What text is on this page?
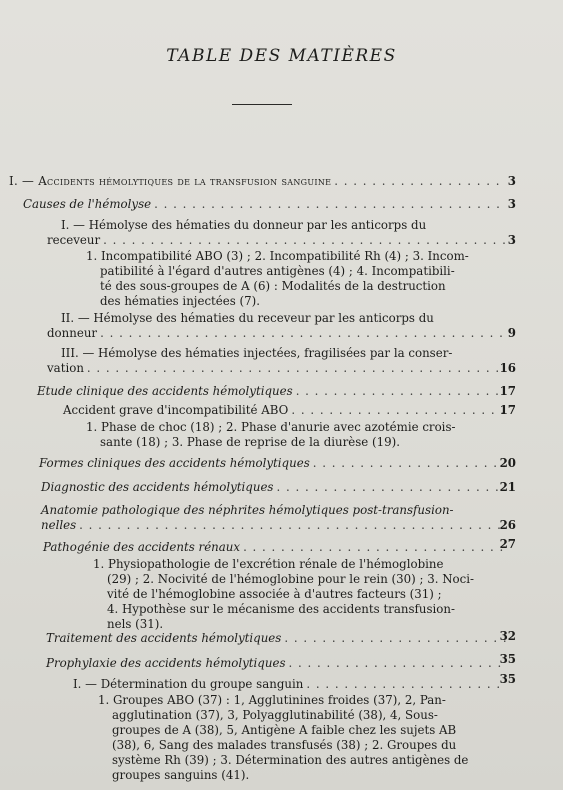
TABLE DES MATIÈRES
I. — Accidents hémolytiques de la transfusion sanguine . . .	3
Causes de l'hémolyse . . .	3
I. — Hémolyse des hématies du donneur par les anticorps du
receveur . . .	3
1. Incompatibilité ABO (3) ; 2. Incompatibilité Rh (4) ; 3. Incom-
patibilité à l'égard d'autres antigènes (4) ; 4. Incompatibili-
té des sous-groupes de A (6) : Modalités de la destruction
des hématies injectées (7).
II. — Hémolyse des hématies du receveur par les anticorps du
donneur . . .	9
III. — Hémolyse des hématies injectées, fragilisées par la conser-
vation . . .	16
Etude clinique des accidents hémolytiques . . .	17
Accident grave d'incompatibilité ABO . . .	17
1. Phase de choc (18) ; 2. Phase d'anurie avec azotémie crois-
sante (18) ; 3. Phase de reprise de la diurèse (19).
Formes cliniques des accidents hémolytiques . . .	20
Diagnostic des accidents hémolytiques . . .	21
Anatomie pathologique des néphrites hémolytiques post-transfusion-
nelles . . .	26
Pathogénie des accidents rénaux . . .	27
1. Physiopathologie de l'excrétion rénale de l'hémoglobine
(29) ; 2. Nocivité de l'hémoglobine pour le rein (30) ; 3. Noci-
vité de l'hémoglobine associée à d'autres facteurs (31) ;
4. Hypothèse sur le mécanisme des accidents transfusion-
nels (31).
Traitement des accidents hémolytiques . . .	32
Prophylaxie des accidents hémolytiques . . .	35
I. — Détermination du groupe sanguin . . .	35
1. Groupes ABO (37) : 1, Agglutinines froides (37), 2, Pan-
agglutination (37), 3, Polyagglutinabilité (38), 4, Sous-
groupes de A (38), 5, Antigène A faible chez les sujets AB
(38), 6, Sang des malades transfusés (38) ; 2. Groupes du
système Rh (39) ; 3. Détermination des autres antigènes de
groupes sanguins (41).
